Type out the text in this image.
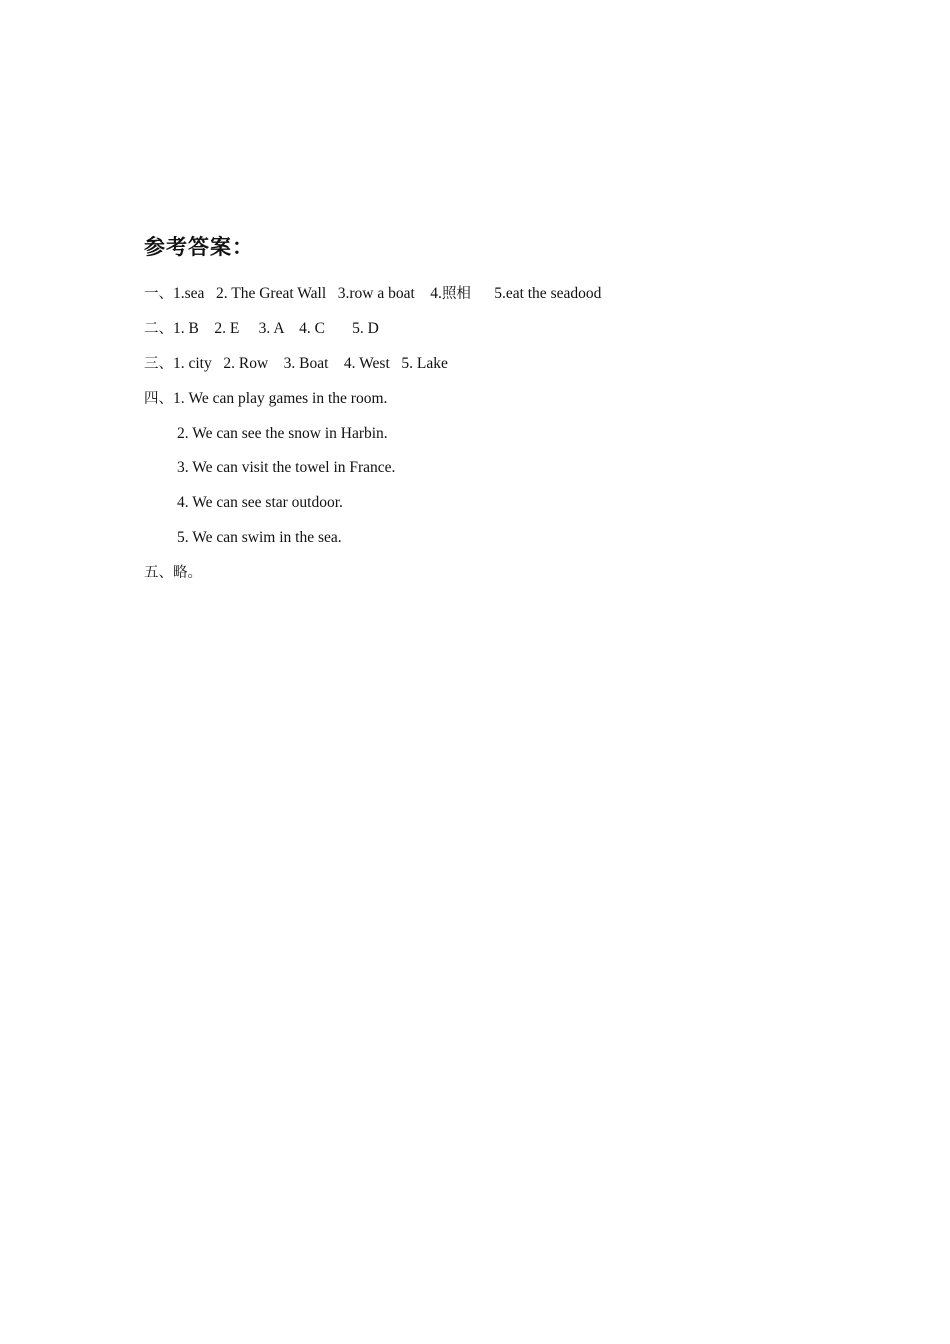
参考答案：
一、1.sea   2. The Great Wall   3.row a boat    4.照相      5.eat the seadood
二、1. B    2. E     3. A    4. C       5. D
三、1. city   2. Row    3. Boat    4. West   5. Lake
四、1. We can play games in the room.
2. We can see the snow in Harbin.
3. We can visit the towel in France.
4. We can see star outdoor.
5. We can swim in the sea.
五、略。
